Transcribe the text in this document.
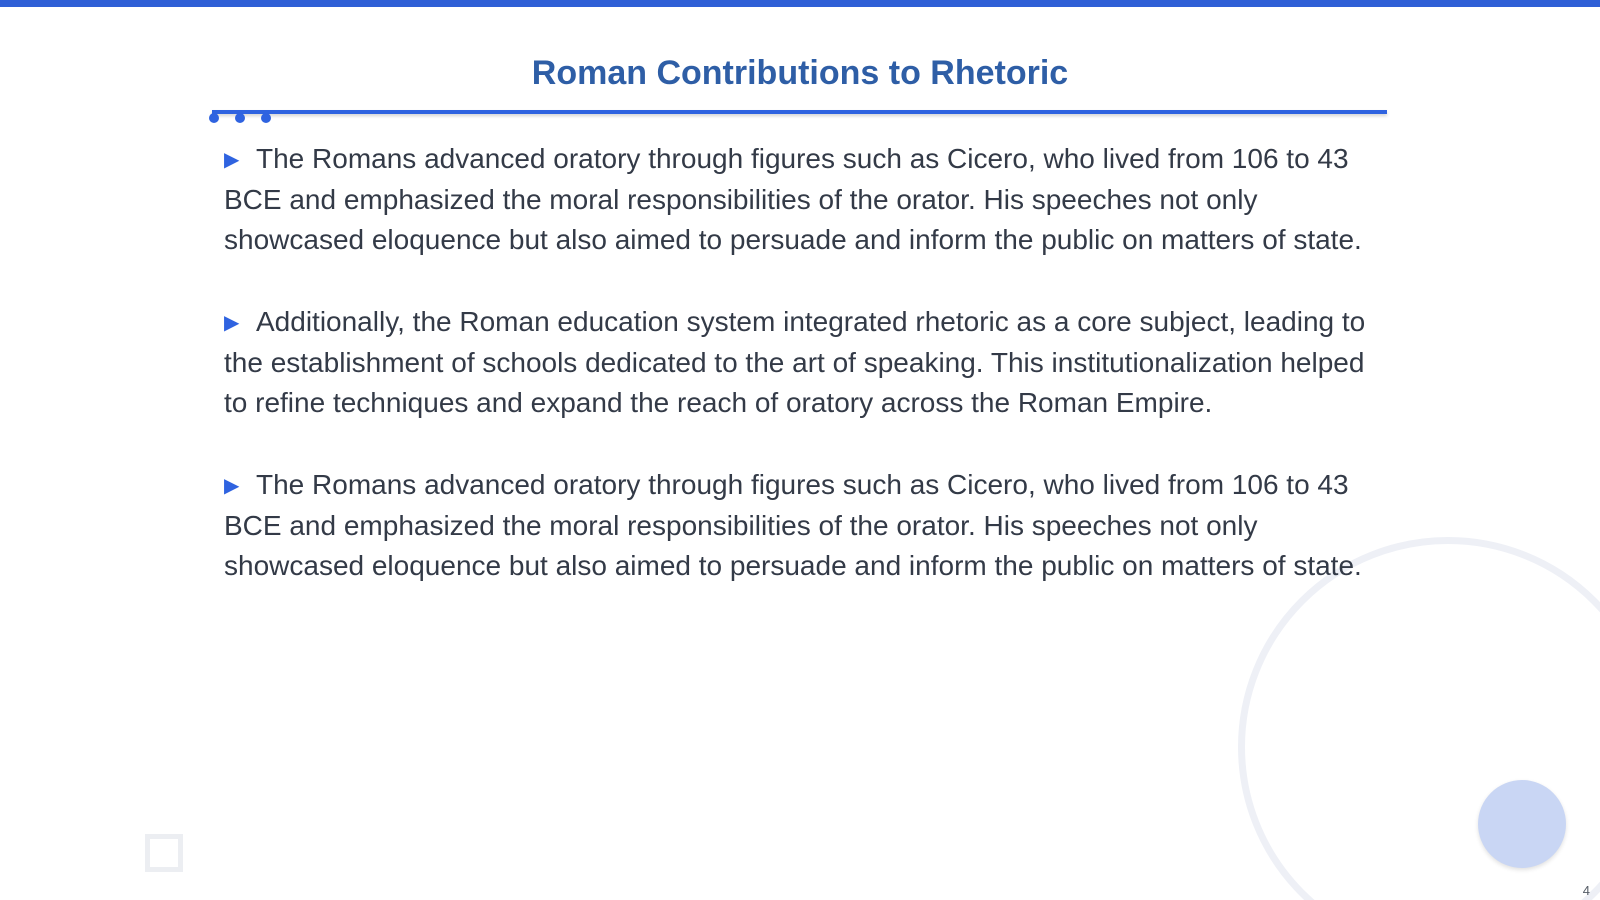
Roman Contributions to Rhetoric

▶ The Romans advanced oratory through figures such as Cicero, who lived from 106 to 43 BCE and emphasized the moral responsibilities of the orator. His speeches not only showcased eloquence but also aimed to persuade and inform the public on matters of state.

▶ Additionally, the Roman education system integrated rhetoric as a core subject, leading to the establishment of schools dedicated to the art of speaking. This institutionalization helped to refine techniques and expand the reach of oratory across the Roman Empire.

▶ The Romans advanced oratory through figures such as Cicero, who lived from 106 to 43 BCE and emphasized the moral responsibilities of the orator. His speeches not only showcased eloquence but also aimed to persuade and inform the public on matters of state.

4
